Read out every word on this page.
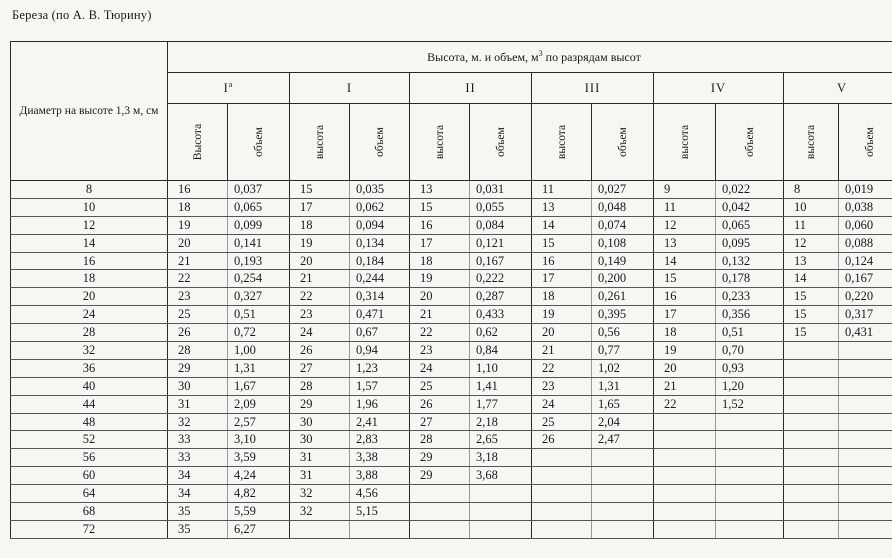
Береза (по А. В. Тюрину)
Диаметр на высоте 1,3 м, см	Высота, м. и объем, $м^3$ по разрядам высот											
	$I^а$		I		II		III		IV		V	

	Высота	объем	высота	объем	высота	объем	высота	объем	высота	объем	высота	объем

8	16	0,037	15	0,035	13	0,031	11	0,027	9	0,022	8	0,019
10	18	0,065	17	0,062	15	0,055	13	0,048	11	0,042	10	0,038
12	19	0,099	18	0,094	16	0,084	14	0,074	12	0,065	11	0,060
14	20	0,141	19	0,134	17	0,121	15	0,108	13	0,095	12	0,088
16	21	0,193	20	0,184	18	0,167	16	0,149	14	0,132	13	0,124
18	22	0,254	21	0,244	19	0,222	17	0,200	15	0,178	14	0,167
20	23	0,327	22	0,314	20	0,287	18	0,261	16	0,233	15	0,220
24	25	0,51	23	0,471	21	0,433	19	0,395	17	0,356	15	0,317
28	26	0,72	24	0,67	22	0,62	20	0,56	18	0,51	15	0,431
32	28	1,00	26	0,94	23	0,84	21	0,77	19	0,70		
36	29	1,31	27	1,23	24	1,10	22	1,02	20	0,93		
40	30	1,67	28	1,57	25	1,41	23	1,31	21	1,20		
44	31	2,09	29	1,96	26	1,77	24	1,65	22	1,52		
48	32	2,57	30	2,41	27	2,18	25	2,04				
52	33	3,10	30	2,83	28	2,65	26	2,47				
56	33	3,59	31	3,38	29	3,18						
60	34	4,24	31	3,88	29	3,68						
64	34	4,82	32	4,56								
68	35	5,59	32	5,15								
72	35	6,27										
